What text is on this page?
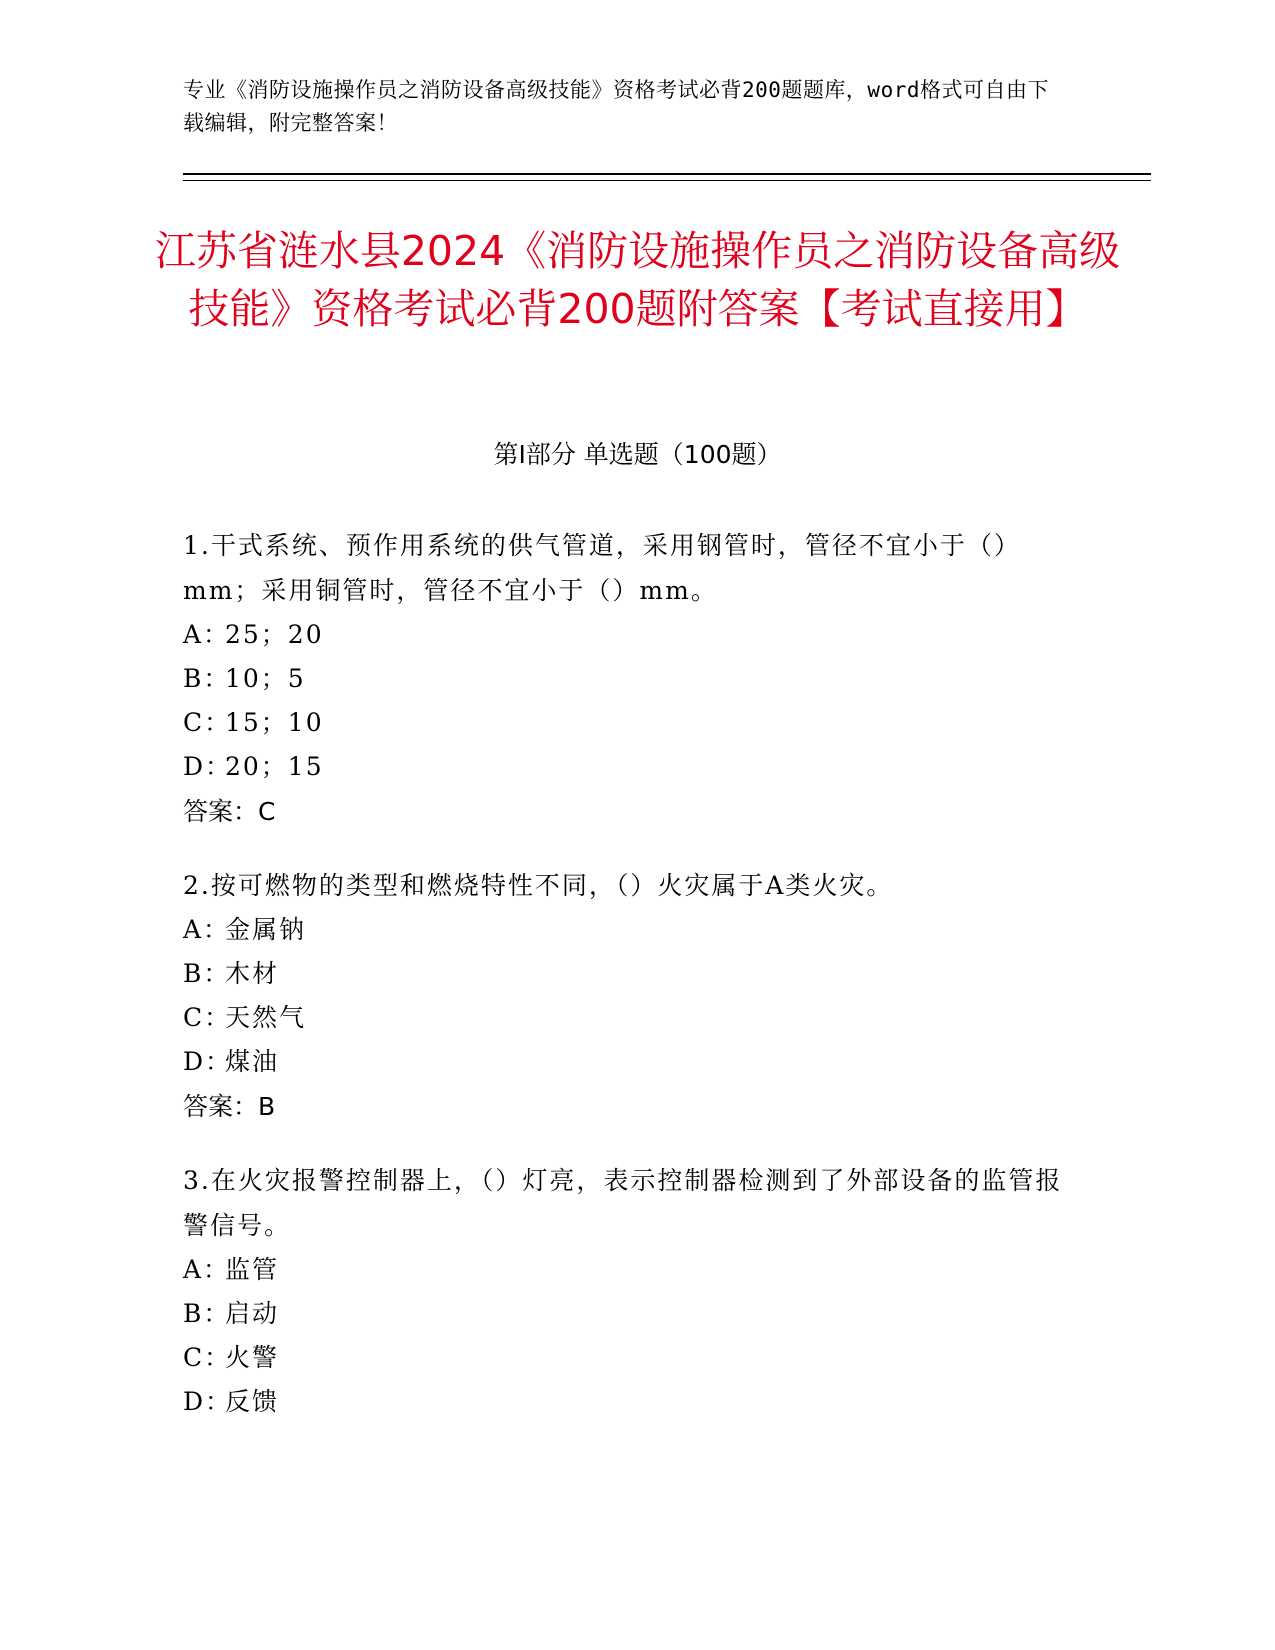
专业《消防设施操作员之消防设备高级技能》资格考试必背200题题库，word格式可自由下载编辑，附完整答案！
江苏省涟水县2024《消防设施操作员之消防设备高级技能》资格考试必背200题附答案【考试直接用】
第Ⅰ部分 单选题（100题）
1.干式系统、预作用系统的供气管道，采用钢管时，管径不宜小于（）mm；采用铜管时，管径不宜小于（）mm。
A：
25；20
B：
10；5
C：
15；10
D：
20；15
答案：C
2.按可燃物的类型和燃烧特性不同，（）火灾属于A类火灾。
A：
金属钠
B：
木材
C：
天然气
D：
煤油
答案：B
3.在火灾报警控制器上，（）灯亮，表示控制器检测到了外部设备的监管报警信号。
A：
监管
B：
启动
C：
火警
D：
反馈
